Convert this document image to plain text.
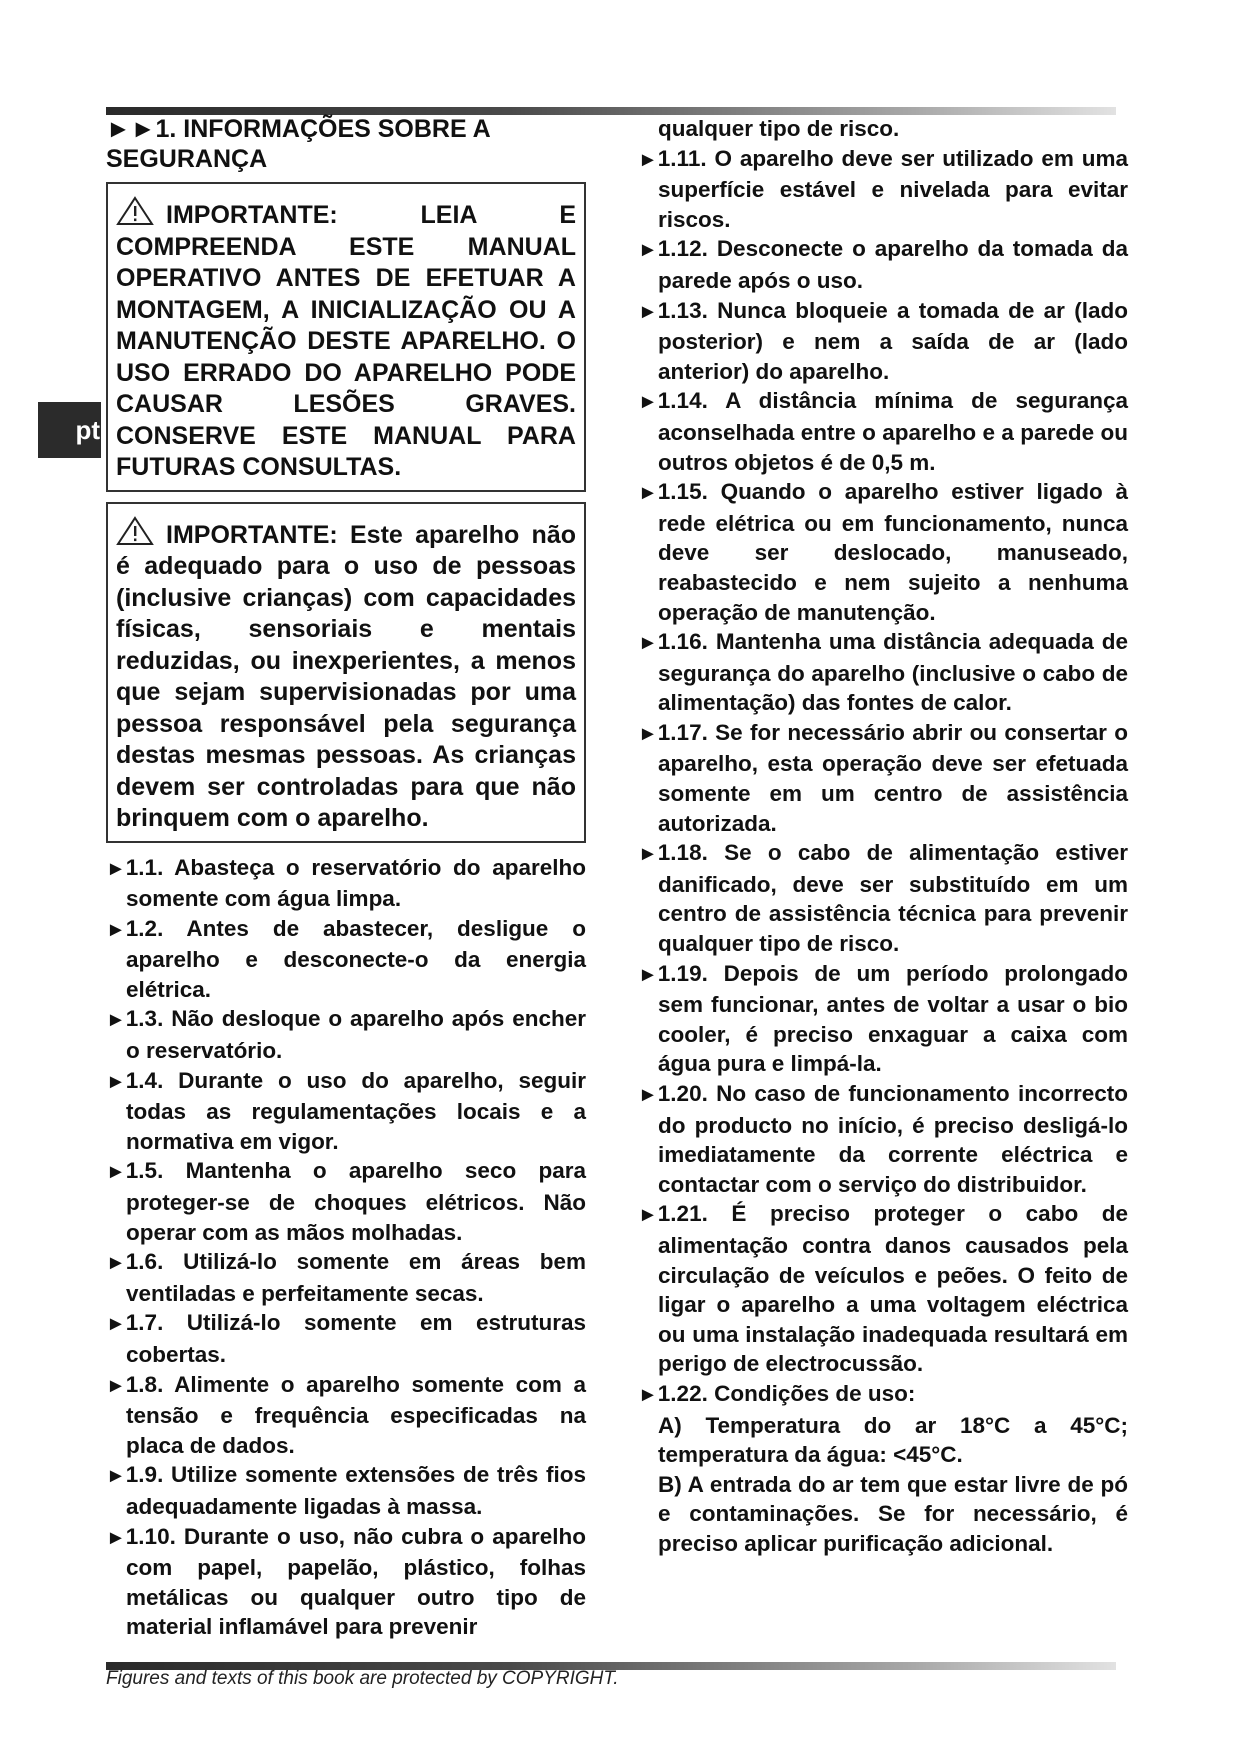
pt
►►1. INFORMAÇÕES SOBRE A SEGURANÇA
IMPORTANTE: LEIA E COMPREENDA ESTE MANUAL OPERATIVO ANTES DE EFETUAR A MONTAGEM, A INICIALIZAÇÃO OU A MANUTENÇÃO DESTE APARELHO. O USO ERRADO DO APARELHO PODE CAUSAR LESÕES GRAVES. CONSERVE ESTE MANUAL PARA FUTURAS CONSULTAS.
IMPORTANTE: Este aparelho não é adequado para o uso de pessoas (inclusive crianças) com capacidades físicas, sensoriais e mentais reduzidas, ou inexperientes, a menos que sejam supervisionadas por uma pessoa responsável pela segurança destas mesmas pessoas. As crianças devem ser controladas para que não brinquem com o aparelho.

►1.1. Abasteça o reservatório do aparelho somente com água limpa.

►1.2. Antes de abastecer, desligue o aparelho e desconecte-o da energia elétrica.

►1.3. Não desloque o aparelho após encher o reservatório.

►1.4. Durante o uso do aparelho, seguir todas as regulamentações locais e a normativa em vigor.

►1.5. Mantenha o aparelho seco para proteger-se de choques elétricos. Não operar com as mãos molhadas.

►1.6. Utilizá-lo somente em áreas bem ventiladas e perfeitamente secas.

►1.7. Utilizá-lo somente em estruturas cobertas.

►1.8. Alimente o aparelho somente com a tensão e frequência especificadas na placa de dados.

►1.9. Utilize somente extensões de três fios adequadamente ligadas à massa.

►1.10. Durante o uso, não cubra o aparelho com papel, papelão, plástico, folhas metálicas ou qualquer outro tipo de material inflamável para prevenir

qualquer tipo de risco.

►1.11. O aparelho deve ser utilizado em uma superfície estável e nivelada para evitar riscos.

►1.12. Desconecte o aparelho da tomada da parede após o uso.

►1.13. Nunca bloqueie a tomada de ar (lado posterior) e nem a saída de ar (lado anterior) do aparelho.

►1.14. A distância mínima de segurança aconselhada entre o aparelho e a parede ou outros objetos é de 0,5 m.

►1.15. Quando o aparelho estiver ligado à rede elétrica ou em funcionamento, nunca deve ser deslocado, manuseado, reabastecido e nem sujeito a nenhuma operação de manutenção.

►1.16. Mantenha uma distância adequada de segurança do aparelho (inclusive o cabo de alimentação) das fontes de calor.

►1.17. Se for necessário abrir ou consertar o aparelho, esta operação deve ser efetuada somente em um centro de assistência autorizada.

►1.18. Se o cabo de alimentação estiver danificado, deve ser substituído em um centro de assistência técnica para prevenir qualquer tipo de risco.

►1.19. Depois de um período prolongado sem funcionar, antes de voltar a usar o bio cooler, é preciso enxaguar a caixa com água pura e limpá-la.

►1.20. No caso de funcionamento incorrecto do producto no início, é preciso desligá-lo imediatamente da corrente eléctrica e contactar com o serviço do distribuidor.

►1.21. É preciso proteger o cabo de alimentação contra danos causados pela circulação de veículos e peões. O feito de ligar o aparelho a uma voltagem eléctrica ou uma instalação inadequada resultará em perigo de electrocussão.

►1.22. Condições de uso:

A) Temperatura do ar 18°C a 45°C; temperatura da água: <45°C.

B) A entrada do ar tem que estar livre de pó e contaminações. Se for necessário, é preciso aplicar purificação adicional.

Figures and texts of this book are protected by COPYRIGHT.
